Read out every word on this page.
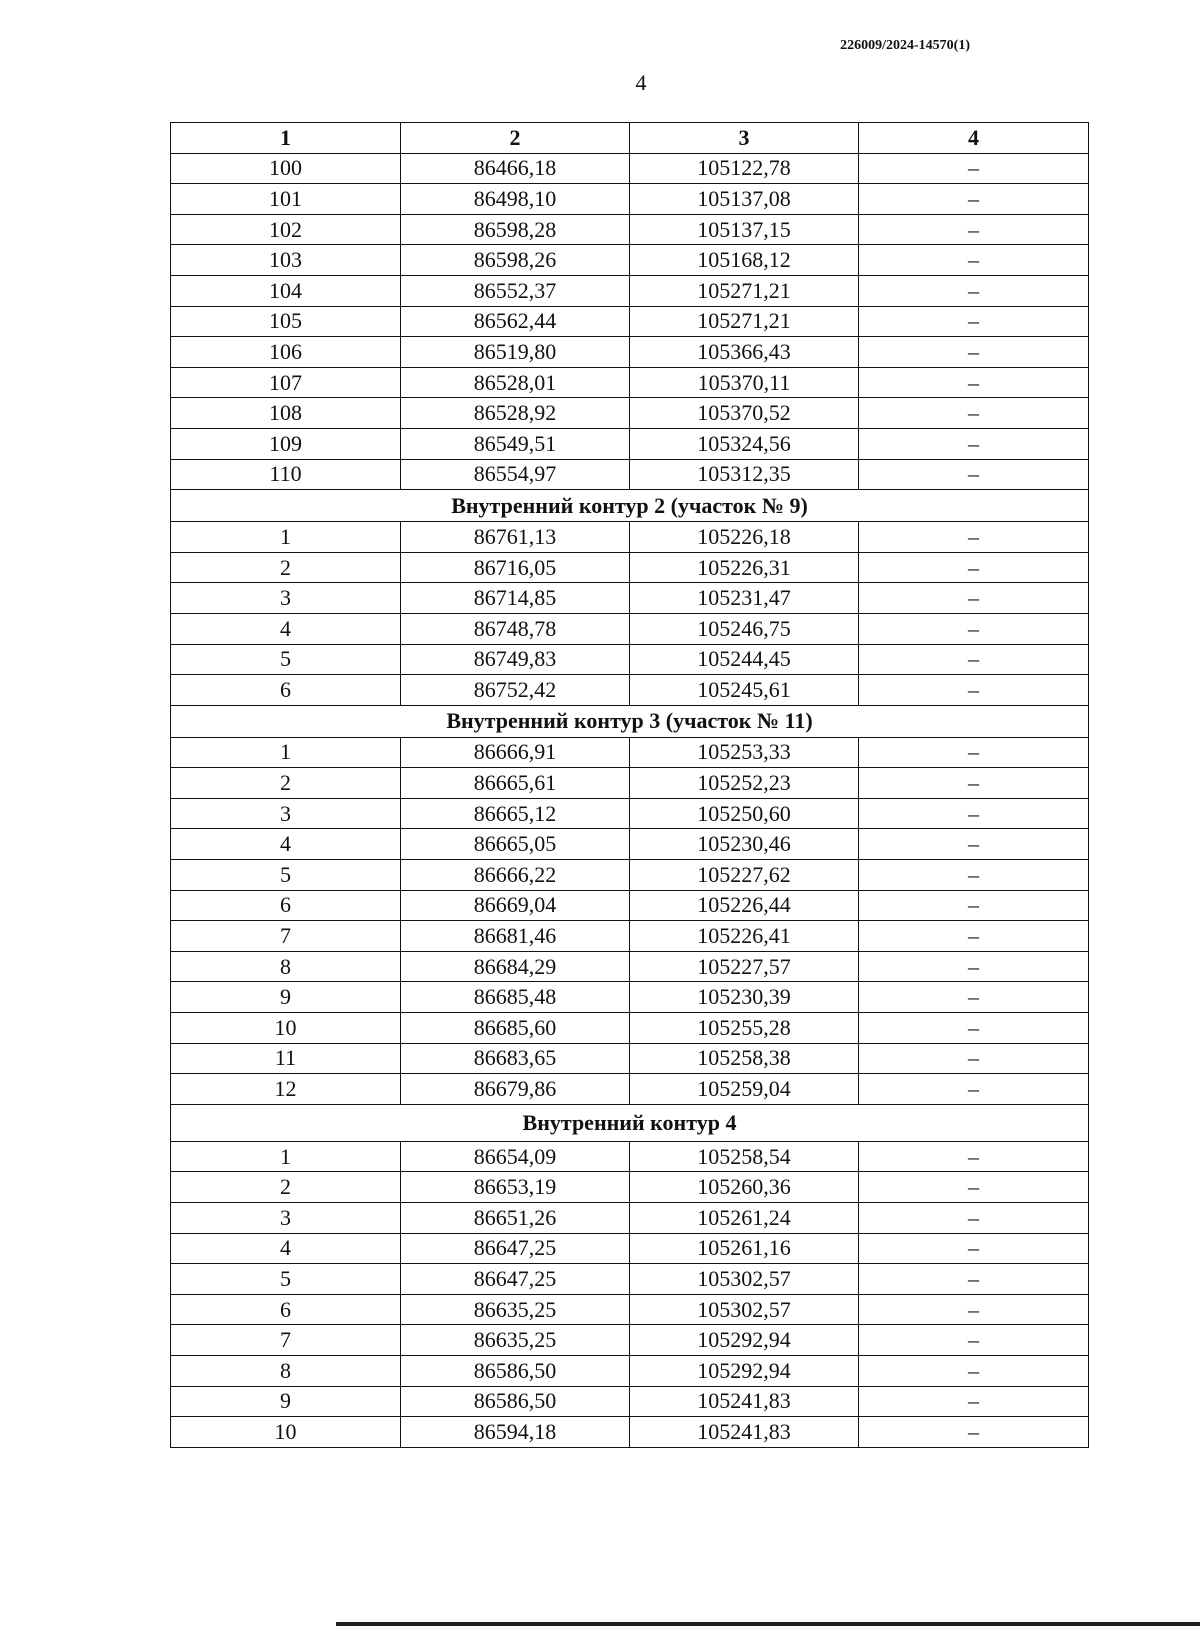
226009/2024-14570(1)
4
1	2	3	4
100	86466,18	105122,78	–
101	86498,10	105137,08	–
102	86598,28	105137,15	–
103	86598,26	105168,12	–
104	86552,37	105271,21	–
105	86562,44	105271,21	–
106	86519,80	105366,43	–
107	86528,01	105370,11	–
108	86528,92	105370,52	–
109	86549,51	105324,56	–
110	86554,97	105312,35	–
Внутренний контур 2 (участок № 9)			
1	86761,13	105226,18	–
2	86716,05	105226,31	–
3	86714,85	105231,47	–
4	86748,78	105246,75	–
5	86749,83	105244,45	–
6	86752,42	105245,61	–
Внутренний контур 3 (участок № 11)			
1	86666,91	105253,33	–
2	86665,61	105252,23	–
3	86665,12	105250,60	–
4	86665,05	105230,46	–
5	86666,22	105227,62	–
6	86669,04	105226,44	–
7	86681,46	105226,41	–
8	86684,29	105227,57	–
9	86685,48	105230,39	–
10	86685,60	105255,28	–
11	86683,65	105258,38	–
12	86679,86	105259,04	–
Внутренний контур 4			
1	86654,09	105258,54	–
2	86653,19	105260,36	–
3	86651,26	105261,24	–
4	86647,25	105261,16	–
5	86647,25	105302,57	–
6	86635,25	105302,57	–
7	86635,25	105292,94	–
8	86586,50	105292,94	–
9	86586,50	105241,83	–
10	86594,18	105241,83	–
